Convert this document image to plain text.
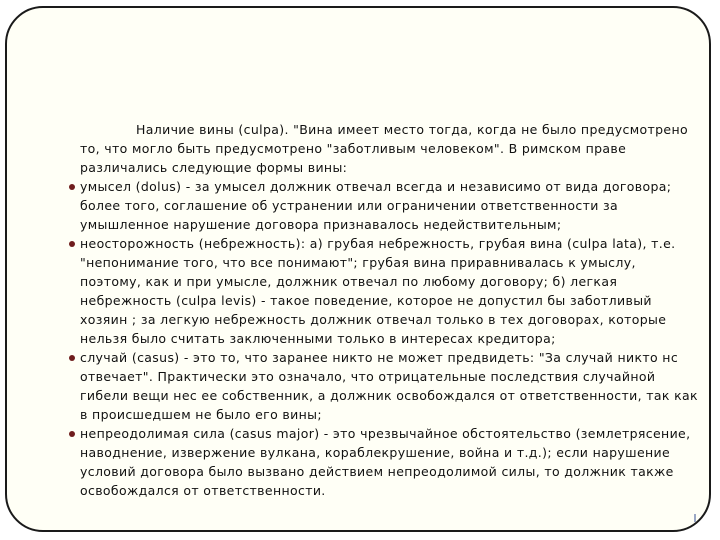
Наличие вины (culpa). "Вина имеет место тогда, когда не было предусмотрено то, что могло быть предусмотрено "заботливым человеком". В римском праве различались следующие формы вины:

умысел (dolus) - за умысел должник отвечал всегда и независимо от вида договора; более того, соглашение об устранении или ограничении ответственности за умышленное нарушение договора признавалось недействительным;
неосторожность (небрежность): а) грубая небрежность, грубая вина (culpa lata), т.е. "непонимание того, что все понимают"; грубая вина приравнивалась к умыслу, поэтому, как и при умысле, должник отвечал по любому договору; б) легкая небрежность (culpa levis) - такое поведение, которое не допустил бы заботливый хозяин ; за легкую небрежность должник отвечал только в тех договорах, которые нельзя было считать заключенными только в интересах кредитора;
случай (casus) - это то, что заранее никто не может предвидеть: "За случай никто нс отвечает". Практически это означало, что отрицательные последствия случайной гибели вещи нес ее собственник, а должник освобождался от ответственности, так как в происшедшем не было его вины;
непреодолимая сила (casus major) - это чрезвычайное обстоятельство (землетрясение, наводнение, извержение вулкана, кораблекрушение, война и т.д.); если нарушение условий договора было вызвано действием непреодолимой силы, то должник также освобождался от ответственности.
